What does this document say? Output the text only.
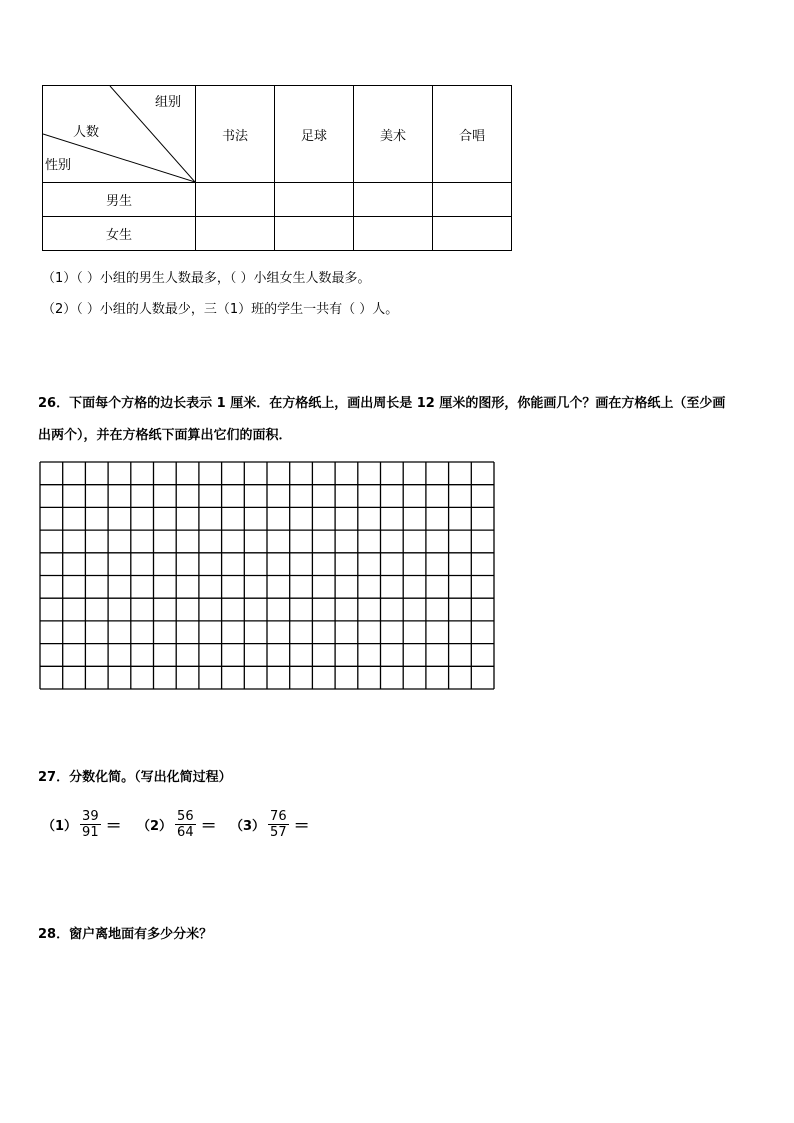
组别
人数
性别	书法	足球	美术	合唱
男生				
女生				
（1）（ ）小组的男生人数最多，（ ）小组女生人数最多。
（2）（ ）小组的人数最少，三（1）班的学生一共有（ ）人。
26．下面每个方格的边长表示 1 厘米．在方格纸上，画出周长是 12 厘米的图形，你能画几个？画在方格纸上（至少画
出两个），并在方格纸下面算出它们的面积．
27．分数化简。（写出化简过程）
$(1) \frac{39}{91} = (2) \frac{56}{64} = (3) \frac{76}{57}$ ＝
28．窗户离地面有多少分米？
